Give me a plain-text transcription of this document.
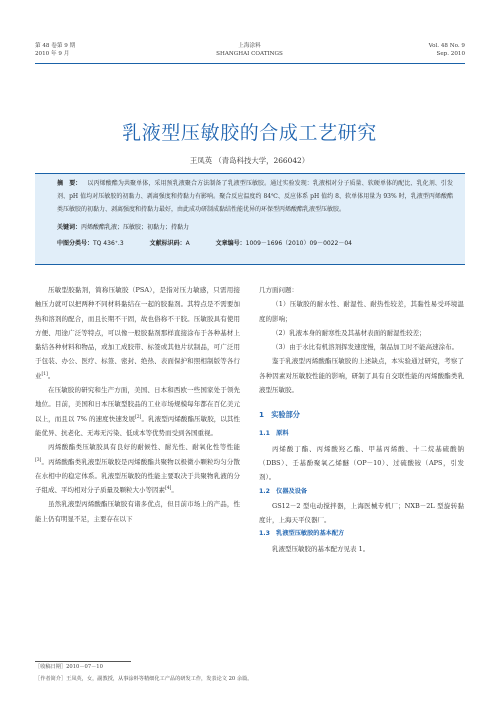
第 48 卷第 9 期
2010 年 9 月
上海涂料
SHANGHAI COATINGS
Vol. 48 No. 9
Sep. 2010
乳液型压敏胶的合成工艺研究
王凤英 （青岛科技大学，266042）
摘　要： 以丙烯酸酯为共聚单体，采用预乳液聚合方法制备了乳液型压敏胶。通过实验发现：乳液相对分子质量、软硬单体的配比、乳化剂、引发剂、pH 值均对压敏胶的初黏力、剥离强度和持黏力有影响。聚合反应温度约 84℃、反应体系 pH 值约 8、软单体用量为 93% 时，乳液型丙烯酸酯类压敏胶的初黏力、剥离强度和持黏力最好，由此成功研制成黏结性能优异的环保型丙烯酸酯乳液型压敏胶。
关键词：丙烯酸酯乳液；压敏胶；初黏力；持黏力
中图分类号：TQ 436⁺.3	文献标识码：A	文章编号：1009－1696（2010）09－0022－04

压敏型胶黏剂，简称压敏胶（PSA），是指对压力敏感，只需用接触压力就可以把两种不同材料黏结在一起的胶黏剂。其特点是不需要加热和溶剂的配合，而且长期不干固，故也俗称不干胶。压敏胶具有使用方便、用途广泛等特点，可以像一般胶黏剂那样直接涂布于各种基材上黏结各种材料和物品，或加工成胶带、标签或其他片状制品，可广泛用于包装、办公、医疗、标签、密封、绝热、表面保护和照相制版等各行业[1]。

在压敏胶的研究和生产方面，美国、日本和西欧一些国家处于领先地位。目前，美国和日本压敏型胶品的工业市场规模每年都在百亿美元以上，而且以 7% 的速度快速发展[2]。乳液型丙烯酸酯压敏胶，以其性能优异、抗老化、无毒无污染、低成本等优势而受到各国重视。

丙烯酸酯类压敏胶具有良好的耐候性、耐光性、耐氧化性等性能[3]。丙烯酸酯类乳液型压敏胶是丙烯酸酯共聚物以极微小颗粒均匀分散在水相中的稳定体系。乳液型压敏胶的性能主要取决于共聚物乳液的分子组成、平均相对分子质量及颗粒大小等因素[4]。

虽然乳液型丙烯酸酯压敏胶有诸多优点，但目前市场上的产品，性能上仍有明显不足，主要存在以下

几方面问题：

（1）压敏胶的耐水性、耐湿性、耐热性较差，其黏性易受环境温度的影响；

（2）乳液本身的耐寒性及其基材表面的耐湿性较差；

（3）由于水比有机溶剂挥发速度慢，制品加工时不能高速涂布。

鉴于乳液型丙烯酸酯压敏胶的上述缺点，本实验通过研究，考察了各种因素对压敏胶性能的影响，研制了具有自交联性能的丙烯酸酯类乳液型压敏胶。

1　实验部分
1.1　原料

丙烯酸丁酯、丙烯酸羟乙酯、甲基丙烯酸、十二烷基硫酸钠（DBS）、壬基酚聚氧乙烯醚（OP－10）、过硫酸铵（APS，引发剂）。

1.2　仪器及设备

GS12－2 型电动搅拌器，上海医械专机厂；NXB－2L 型旋转黏度计，上海天平仪器厂。

1.3　乳液型压敏胶的基本配方

乳液型压敏胶的基本配方见表 1。

［收稿日期］2010－07－10
［作者简介］王凤英，女，副教授，从事涂料等精细化工产品的研发工作，发表论文 20 余篇。
